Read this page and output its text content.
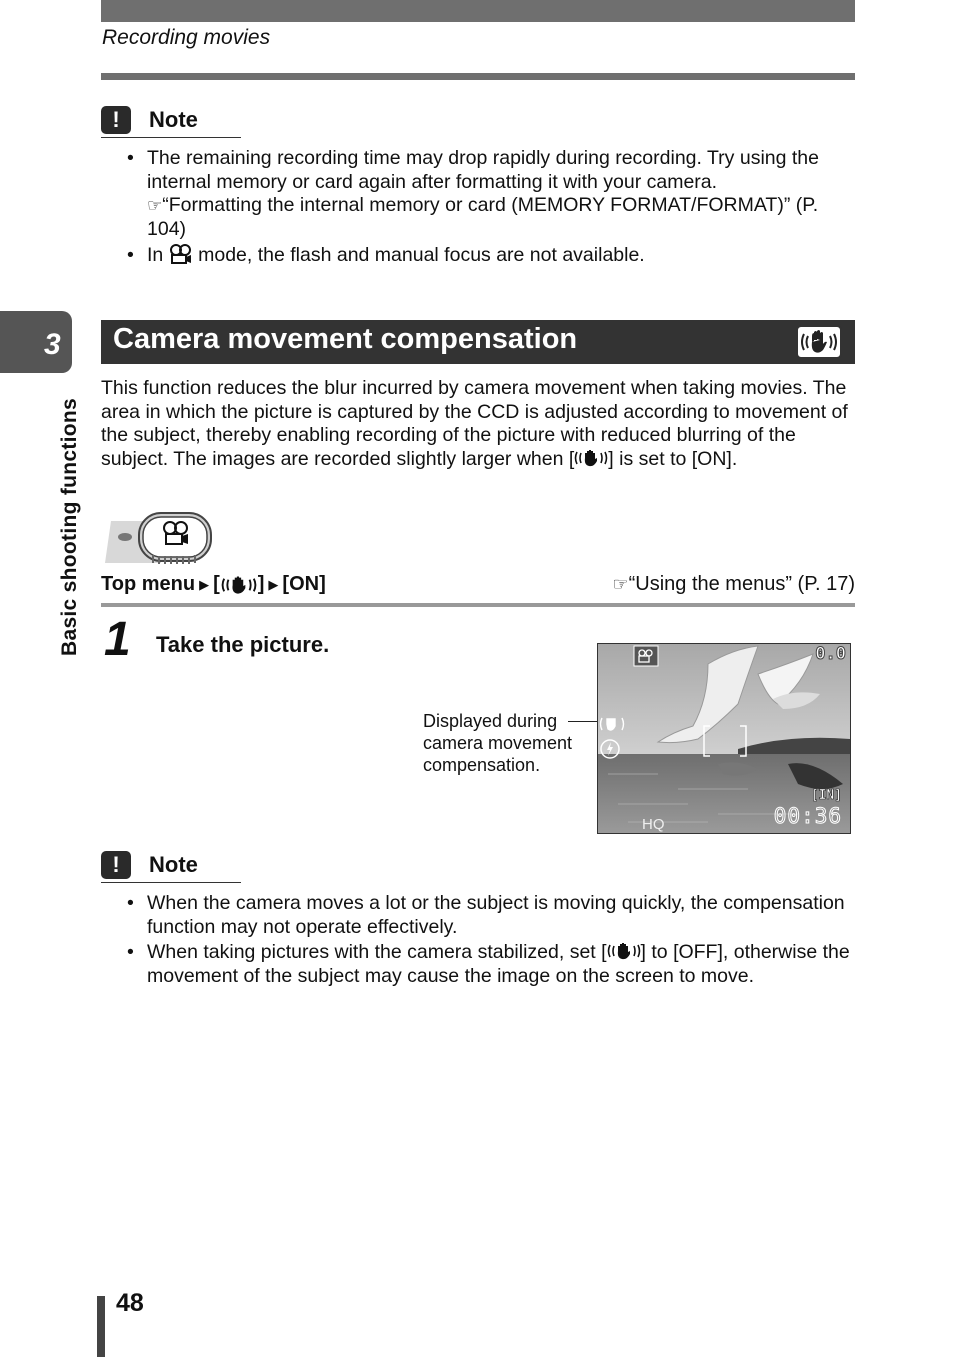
Recording movies
3
Basic shooting functions
!	Note
• The remaining recording time may drop rapidly during recording. Try using the internal memory or card again after formatting it with your camera.
☞“Formatting the internal memory or card (MEMORY FORMAT/FORMAT)” (P. 104)
• In mode, the flash and manual focus are not available.
Camera movement compensation
This function reduces the blur incurred by camera movement when taking movies. The area in which the picture is captured by the CCD is adjusted according to movement of the subject, thereby enabling recording of the picture with reduced blurring of the subject. The images are recorded slightly larger when [ ] is set to [ON].
Top menu ▶ [ ] ▶ [ON]	☞“Using the menus” (P. 17)
1 Take the picture.
Displayed during camera movement compensation.
0.0
[IN]
00:36
HQ
!	Note
• When the camera moves a lot or the subject is moving quickly, the compensation function may not operate effectively.
• When taking pictures with the camera stabilized, set [ ] to [OFF], otherwise the movement of the subject may cause the image on the screen to move.
48
